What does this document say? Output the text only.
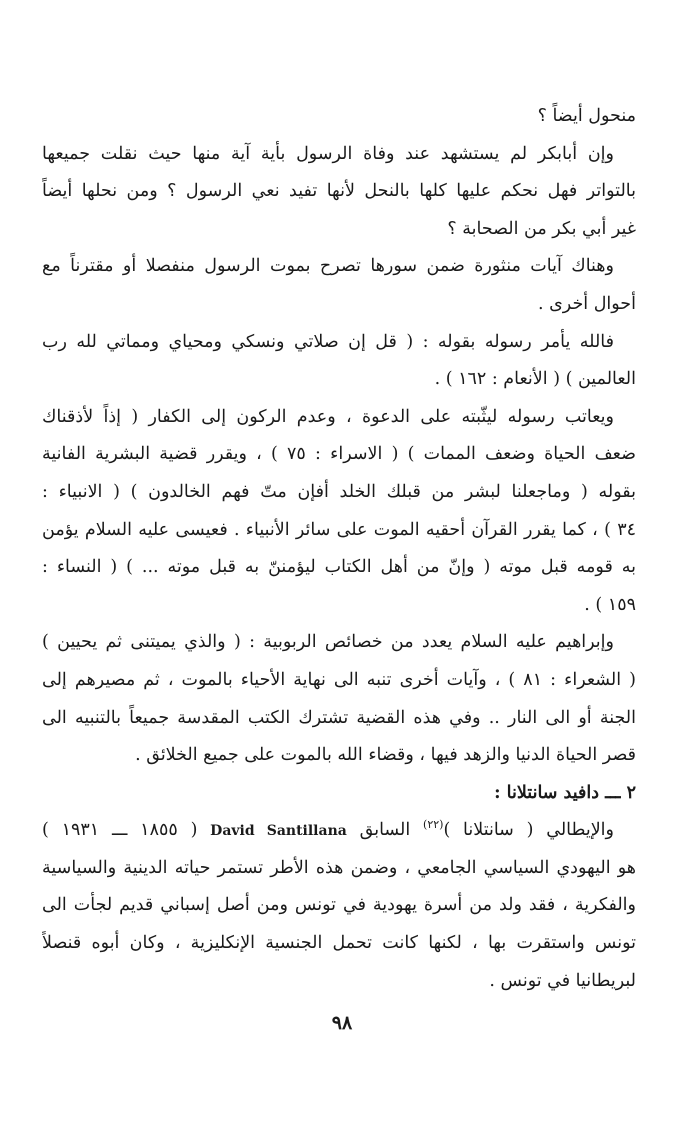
منحول أيضاً ؟
وإن أبابكر لم يستشهد عند وفاة الرسول بأية آية منها حيث نقلت جميعها
بالتواتر فهل نحكم عليها كلها بالنحل لأنها تفيد نعي الرسول ؟ ومن نحلها أيضاً
غير أبي بكر من الصحابة ؟
وهناك آيات منثورة ضمن سورها تصرح بموت الرسول منفصلا أو مقترناً مع
أحوال أخرى .
فالله يأمر رسوله بقوله : ( قل إن صلاتي ونسكي ومحياي ومماتي لله رب
العالمين ) ( الأنعام : ١٦٢ ) .
ويعاتب رسوله ليثّبته على الدعوة ، وعدم الركون إلى الكفار ( إذاً لأذقناك
ضعف الحياة وضعف الممات ) ( الاسراء : ٧٥ ) ، ويقرر قضية البشرية الفانية
بقوله ( وماجعلنا لبشر من قبلك الخلد أفإن متّ فهم الخالدون ) ( الانبياء :
٣٤ ) ، كما يقرر القرآن أحقيه الموت على سائر الأنبياء . فعيسى عليه السلام يؤمن
به قومه قبل موته ( وإنّ من أهل الكتاب ليؤمننّ به قبل موته ... ) ( النساء :
١٥٩ ) .
وإبراهيم عليه السلام يعدد من خصائص الربوبية : ( والذي يميتنى ثم يحيين )
( الشعراء : ٨١ ) ، وآيات أخرى تنبه الى نهاية الأحياء بالموت ، ثم مصيرهم إلى
الجنة أو الى النار .. وفي هذه القضية تشترك الكتب المقدسة جميعاً بالتنبيه الى
قصر الحياة الدنيا والزهد فيها ، وقضاء الله بالموت على جميع الخلائق .
٢ ـــ دافيد سانتلانا :
والإيطالي ( سانتلانا )$^{(٢٢)}$ السابق David Santillana ( ١٨٥٥ ـــ ١٩٣١ )
هو اليهودي السياسي الجامعي ، وضمن هذه الأطر تستمر حياته الدينية والسياسية
والفكرية ، فقد ولد من أسرة يهودية في تونس ومن أصل إسباني قديم لجأت الى
تونس واستقرت بها ، لكنها كانت تحمل الجنسية الإنكليزية ، وكان أبوه قنصلاً
لبريطانيا في تونس .
٩٨
